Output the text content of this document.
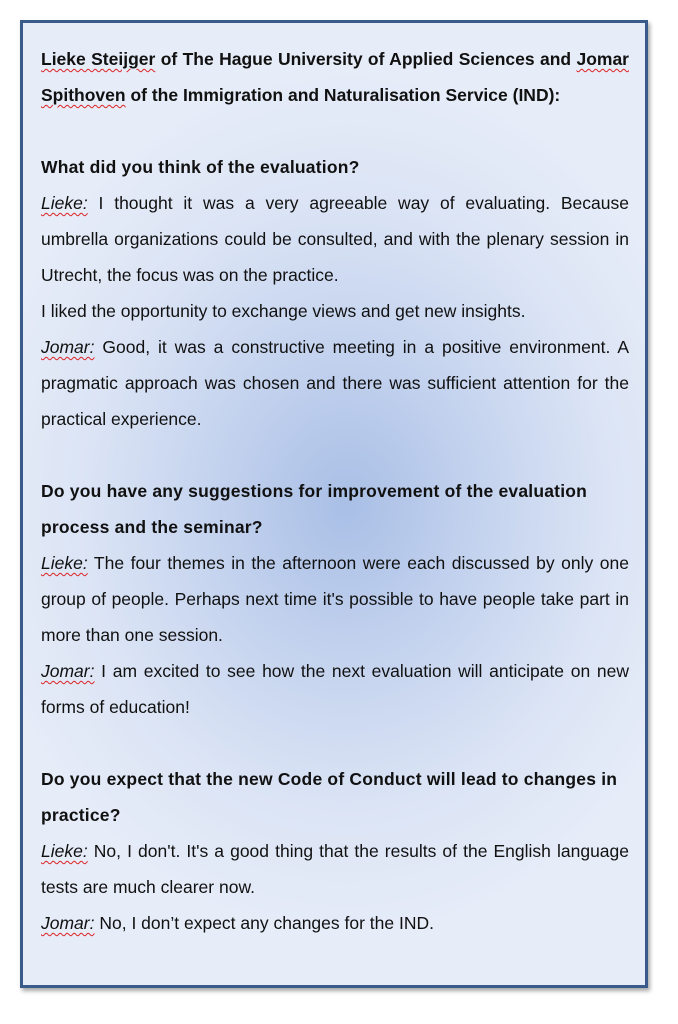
Lieke Steijger of The Hague University of Applied Sciences and Jomar Spithoven of the Immigration and Naturalisation Service (IND):

What did you think of the evaluation?

Lieke: I thought it was a very agreeable way of evaluating. Because umbrella organizations could be consulted, and with the plenary session in Utrecht, the focus was on the practice.

I liked the opportunity to exchange views and get new insights.

Jomar: Good, it was a constructive meeting in a positive environment. A pragmatic approach was chosen and there was sufficient attention for the practical experience.

Do you have any suggestions for improvement of the evaluation process and the seminar?

Lieke: The four themes in the afternoon were each discussed by only one group of people. Perhaps next time it's possible to have people take part in more than one session.

Jomar: I am excited to see how the next evaluation will anticipate on new forms of education!

Do you expect that the new Code of Conduct will lead to changes in practice?

Lieke: No, I don't. It's a good thing that the results of the English language tests are much clearer now.

Jomar: No, I don’t expect any changes for the IND.
